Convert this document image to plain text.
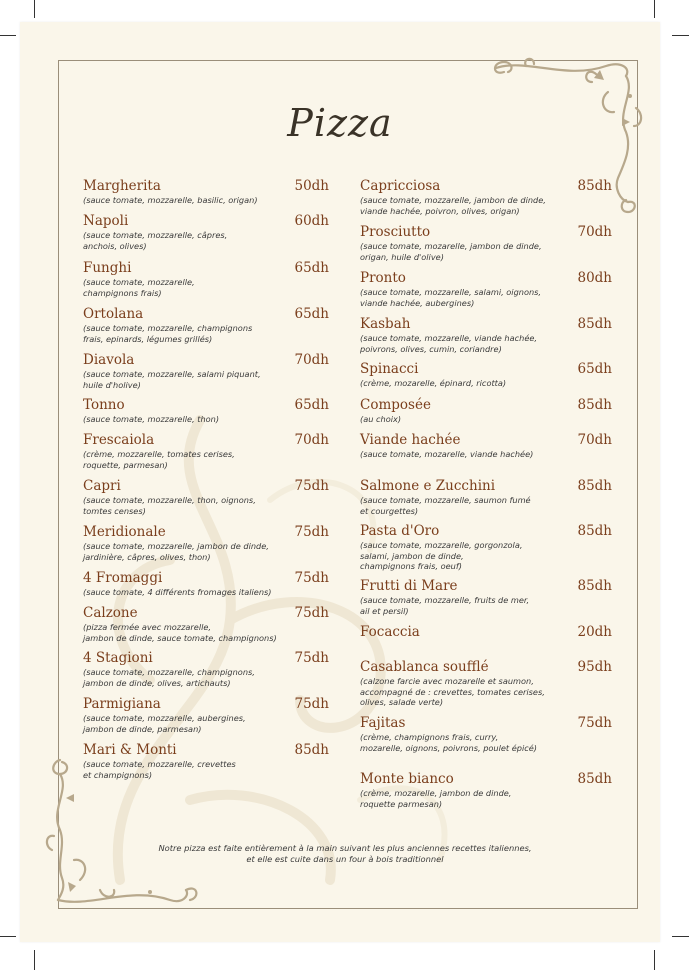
Pizza
Margherita	50dh
(sauce tomate, mozzarelle, basilic, origan)
Napoli	60dh
(sauce tomate, mozzarelle, câpres,
anchois, olives)
Funghi	65dh
(sauce tomate, mozzarelle,
champignons frais)
Ortolana	65dh
(sauce tomate, mozzarelle, champignons
frais, epinards, légumes grillés)
Diavola	70dh
(sauce tomate, mozzarelle, salami piquant,
huile d'holive)
Tonno	65dh
(sauce tomate, mozzarelle, thon)
Frescaiola	70dh
(crème, mozzarelle, tomates cerises,
roquette, parmesan)
Capri	75dh
(sauce tomate, mozzarelle, thon, oignons,
tomtes censes)
Meridionale	75dh
(sauce tomate, mozzarelle, jambon de dinde,
jardinière, câpres, olives, thon)
4 Fromaggi	75dh
(sauce tomate, 4 différents fromages italiens)
Calzone	75dh
(pizza fermée avec mozzarelle,
jambon de dinde, sauce tomate, champignons)
4 Stagioni	75dh
(sauce tomate, mozzarelle, champignons,
jambon de dinde, olives, artichauts)
Parmigiana	75dh
(sauce tomate, mozzarelle, aubergines,
jambon de dinde, parmesan)
Mari & Monti	85dh
(sauce tomate, mozzarelle, crevettes
et champignons)
Capricciosa	85dh
(sauce tomate, mozzarelle, jambon de dinde,
viande hachée, poivron, olives, origan)
Prosciutto	70dh
(sauce tomate, mozarelle, jambon de dinde,
origan, huile d'olive)
Pronto	80dh
(sauce tomate, mozzarelle, salami, oignons,
viande hachée, aubergines)
Kasbah	85dh
(sauce tomate, mozzarelle, viande hachée,
poivrons, olives, cumin, coriandre)
Spinacci	65dh
(crème, mozarelle, épinard, ricotta)
Composée	85dh
(au choix)
Viande hachée	70dh
(sauce tomate, mozarelle, viande hachée)
Salmone e Zucchini	85dh
(sauce tomate, mozzarelle, saumon fumé
et courgettes)
Pasta d'Oro	85dh
(sauce tomate, mozzarelle, gorgonzola,
salami, jambon de dinde,
champignons frais, oeuf)
Frutti di Mare	85dh
(sauce tomate, mozzarelle, fruits de mer,
ail et persil)
Focaccia	20dh
Casablanca soufflé	95dh
(calzone farcie avec mozarelle et saumon,
accompagné de : crevettes, tomates cerises,
olives, salade verte)
Fajitas	75dh
(crème, champignons frais, curry,
mozarelle, oignons, poivrons, poulet épicé)
Monte bianco	85dh
(crème, mozarelle, jambon de dinde,
roquette parmesan)
Notre pizza est faite entièrement à la main suivant les plus anciennes recettes italiennes,
et elle est cuite dans un four à bois traditionnel
